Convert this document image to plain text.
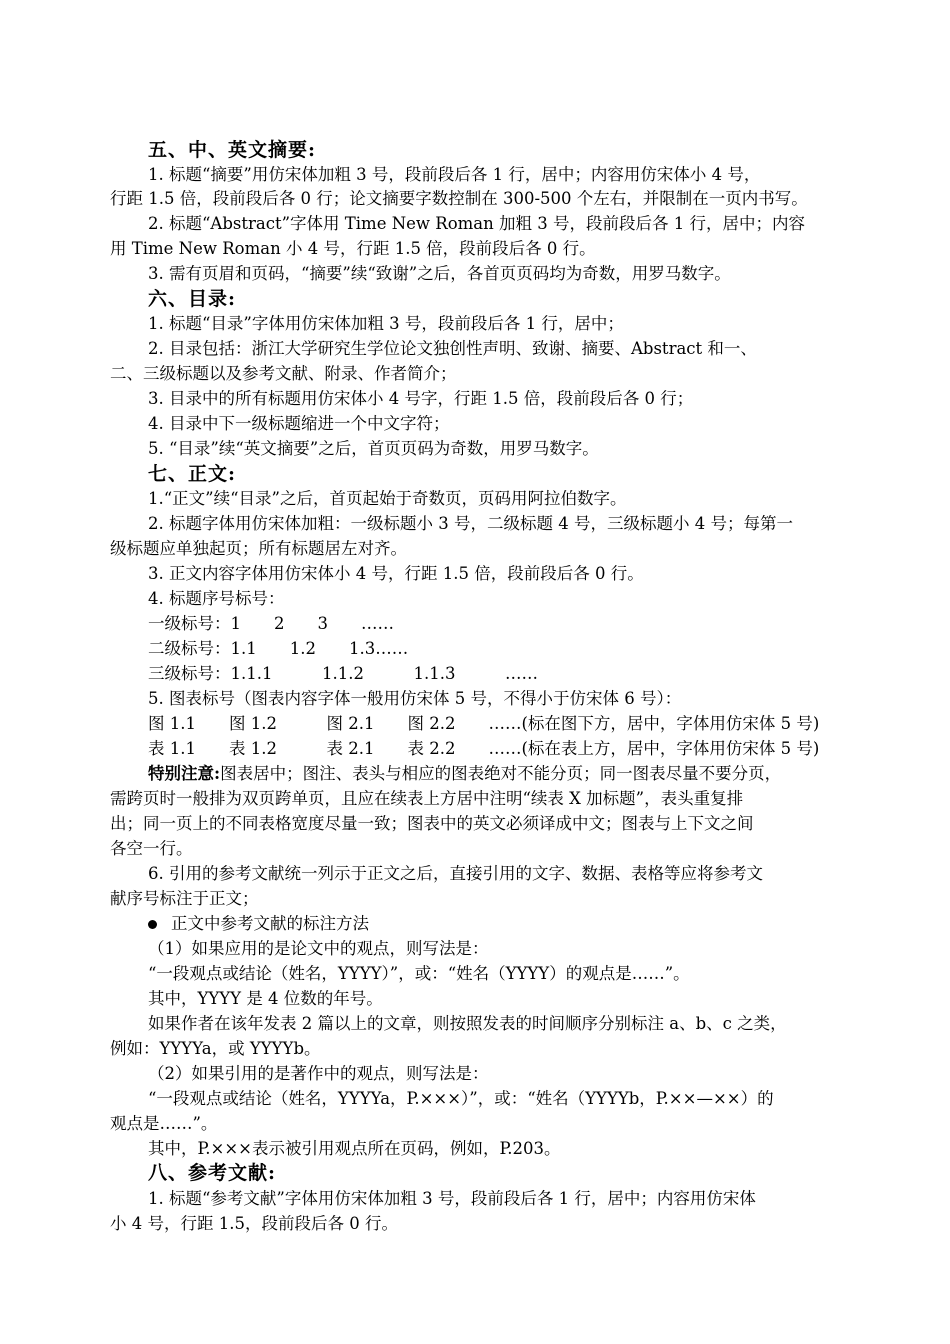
五、中、英文摘要:
1. 标题“摘要”用仿宋体加粗 3 号，段前段后各 1 行，居中；内容用仿宋体小 4 号，
行距 1.5 倍，段前段后各 0 行；论文摘要字数控制在 300-500 个左右，并限制在一页内书写。
2. 标题“Abstract”字体用 Time New Roman 加粗 3 号，段前段后各 1 行，居中；内容
用 Time New Roman 小 4 号，行距 1.5 倍，段前段后各 0 行。
3. 需有页眉和页码，“摘要”续“致谢”之后，各首页页码均为奇数，用罗马数字。
六、目录:
1. 标题“目录”字体用仿宋体加粗 3 号，段前段后各 1 行，居中；
2. 目录包括：浙江大学研究生学位论文独创性声明、致谢、摘要、Abstract 和一、
二、三级标题以及参考文献、附录、作者简介；
3. 目录中的所有标题用仿宋体小 4 号字，行距 1.5 倍，段前段后各 0 行；
4. 目录中下一级标题缩进一个中文字符；
5. “目录”续“英文摘要”之后，首页页码为奇数，用罗马数字。
七、正文:
1.“正文”续“目录”之后，首页起始于奇数页，页码用阿拉伯数字。
2. 标题字体用仿宋体加粗：一级标题小 3 号，二级标题 4 号，三级标题小 4 号；每第一
级标题应单独起页；所有标题居左对齐。
3. 正文内容字体用仿宋体小 4 号，行距 1.5 倍，段前段后各 0 行。
4. 标题序号标号：
一级标号：1　　2　　3　　……
二级标号：1.1　　1.2　　1.3……
三级标号：1.1.1　　　1.1.2　　　1.1.3　　　……
5. 图表标号（图表内容字体一般用仿宋体 5 号，不得小于仿宋体 6 号）：
图 1.1　　图 1.2　　　图 2.1　　图 2.2　　……(标在图下方，居中，字体用仿宋体 5 号)
表 1.1　　表 1.2　　　表 2.1　　表 2.2　　……(标在表上方，居中，字体用仿宋体 5 号)
特别注意:图表居中；图注、表头与相应的图表绝对不能分页；同一图表尽量不要分页，
需跨页时一般排为双页跨单页，且应在续表上方居中注明“续表 X 加标题”，表头重复排
出；同一页上的不同表格宽度尽量一致；图表中的英文必须译成中文；图表与上下文之间
各空一行。
6. 引用的参考文献统一列示于正文之后，直接引用的文字、数据、表格等应将参考文
献序号标注于正文；
正文中参考文献的标注方法
（1）如果应用的是论文中的观点，则写法是：
“一段观点或结论（姓名，YYYY）”，或：“姓名（YYYY）的观点是……”。
其中，YYYY 是 4 位数的年号。
如果作者在该年发表 2 篇以上的文章，则按照发表的时间顺序分别标注 a、b、c 之类，
例如：YYYYa，或 YYYYb。
（2）如果引用的是著作中的观点，则写法是：
“一段观点或结论（姓名，YYYYa，P.×××）”，或：“姓名（YYYYb，P.××—××）的
观点是……”。
其中，P.×××表示被引用观点所在页码，例如，P.203。
八、参考文献:
1. 标题“参考文献”字体用仿宋体加粗 3 号，段前段后各 1 行，居中；内容用仿宋体
小 4 号，行距 1.5，段前段后各 0 行。
